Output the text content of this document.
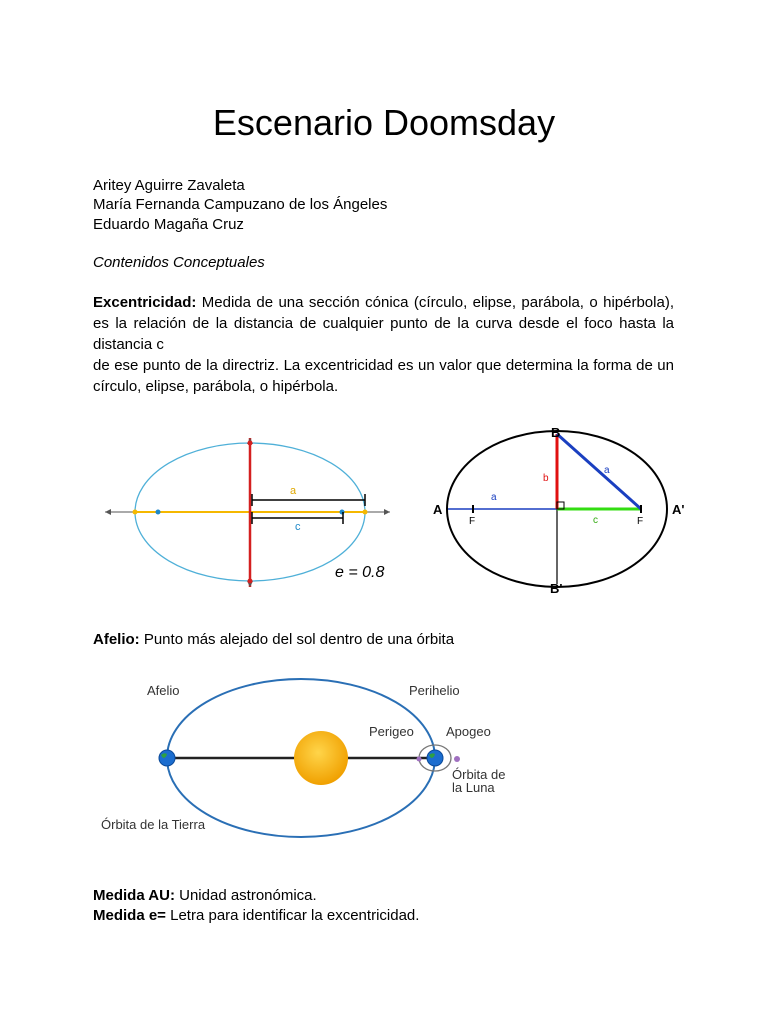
Escenario Doomsday
Aritey Aguirre Zavaleta
María Fernanda Campuzano de los Ángeles
Eduardo Magaña Cruz
Contenidos Conceptuales

Excentricidad: Medida de una sección cónica (círculo, elipse, parábola, o hipérbola), es la relación de la distancia de cualquier punto de la curva desde el foco hasta la distancia c

de ese punto de la directriz. La excentricidad es un valor que determina la forma de un círculo, elipse, parábola, o hipérbola.

a
c
e = 0.8
B
B'
A	A'
a
a
b
c
F	F
Afelio: Punto más alejado del sol dentro de una órbita
Afelio	Perihelio
Perigeo Apogeo
Órbita de
la Luna
Órbita de la Tierra
Medida AU: Unidad astronómica.
Medida e= Letra para identificar la excentricidad.
